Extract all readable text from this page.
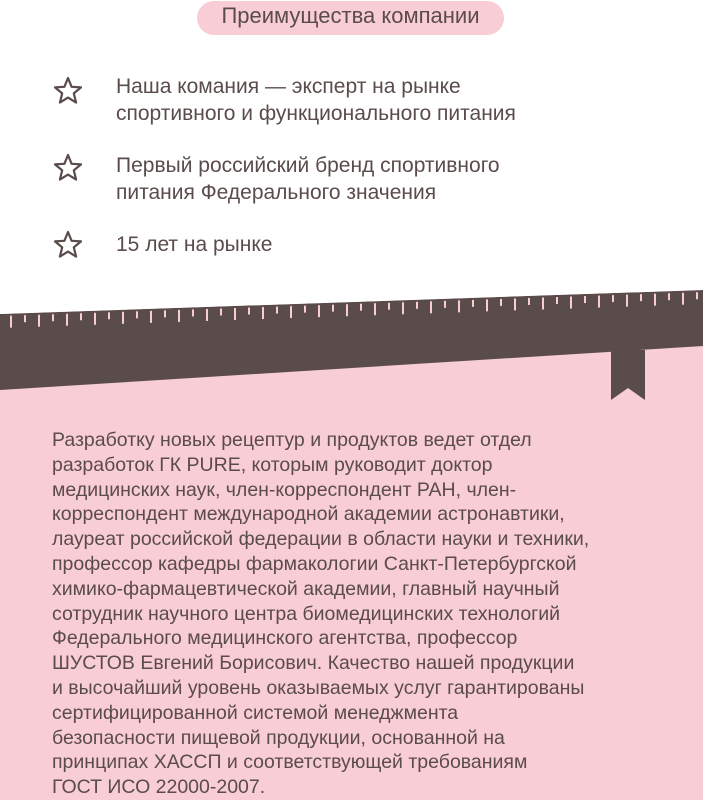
Преимущества компании
Наша комания — эксперт на рынке
спортивного и функционального питания
Первый российский бренд спортивного
питания Федерального значения
15 лет на рынке

Разработку новых рецептур и продуктов ведет отдел
разработок ГК PURE, которым руководит доктор
медицинских наук, член-корреспондент РАН, член-
корреспондент международной академии астронавтики,
лауреат российской федерации в области науки и техники,
профессор кафедры фармакологии Санкт-Петербургской
химико-фармацевтической академии, главный научный
сотрудник научного центра биомедицинских технологий
Федерального медицинского агентства, профессор
ШУСТОВ Евгений Борисович. Качество нашей продукции
и высочайший уровень оказываемых услуг гарантированы
сертифицированной системой менеджмента
безопасности пищевой продукции, основанной на
принципах ХАССП и соответствующей требованиям
ГОСТ ИСО 22000-2007.
